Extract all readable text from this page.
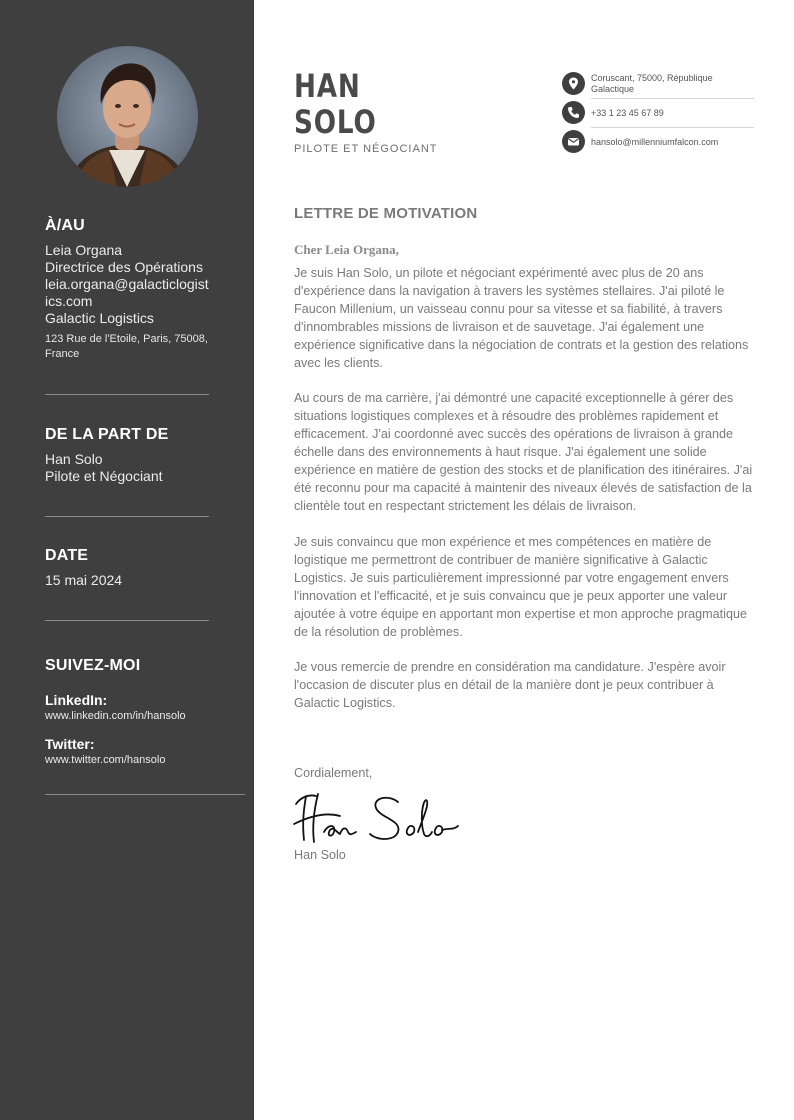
À/AU
Leia Organa
Directrice des Opérations
leia.organa@galacticlogistics.com
Galactic Logistics
123 Rue de l'Etoile, Paris, 75008, France
DE LA PART DE
Han Solo
Pilote et Négociant
DATE
15 mai 2024
SUIVEZ-MOI
LinkedIn:
www.linkedin.com/in/hansolo
Twitter:
www.twitter.com/hansolo
HAN
SOLO
PILOTE ET NÉGOCIANT
Coruscant, 75000, République Galactique
+33 1 23 45 67 89
hansolo@millenniumfalcon.com
LETTRE DE MOTIVATION
Cher Leia Organa,

Je suis Han Solo, un pilote et négociant expérimenté avec plus de 20 ans d'expérience dans la navigation à travers les systèmes stellaires. J'ai piloté le Faucon Millenium, un vaisseau connu pour sa vitesse et sa fiabilité, à travers d'innombrables missions de livraison et de sauvetage. J'ai également une expérience significative dans la négociation de contrats et la gestion des relations avec les clients.

Au cours de ma carrière, j'ai démontré une capacité exceptionnelle à gérer des situations logistiques complexes et à résoudre des problèmes rapidement et efficacement. J'ai coordonné avec succès des opérations de livraison à grande échelle dans des environnements à haut risque. J'ai également une solide expérience en matière de gestion des stocks et de planification des itinéraires. J'ai été reconnu pour ma capacité à maintenir des niveaux élevés de satisfaction de la clientèle tout en respectant strictement les délais de livraison.

Je suis convaincu que mon expérience et mes compétences en matière de logistique me permettront de contribuer de manière significative à Galactic Logistics. Je suis particulièrement impressionné par votre engagement envers l'innovation et l'efficacité, et je suis convaincu que je peux apporter une valeur ajoutée à votre équipe en apportant mon expertise et mon approche pragmatique de la résolution de problèmes.

Je vous remercie de prendre en considération ma candidature. J'espère avoir l'occasion de discuter plus en détail de la manière dont je peux contribuer à Galactic Logistics.

Cordialement,
Han Solo
